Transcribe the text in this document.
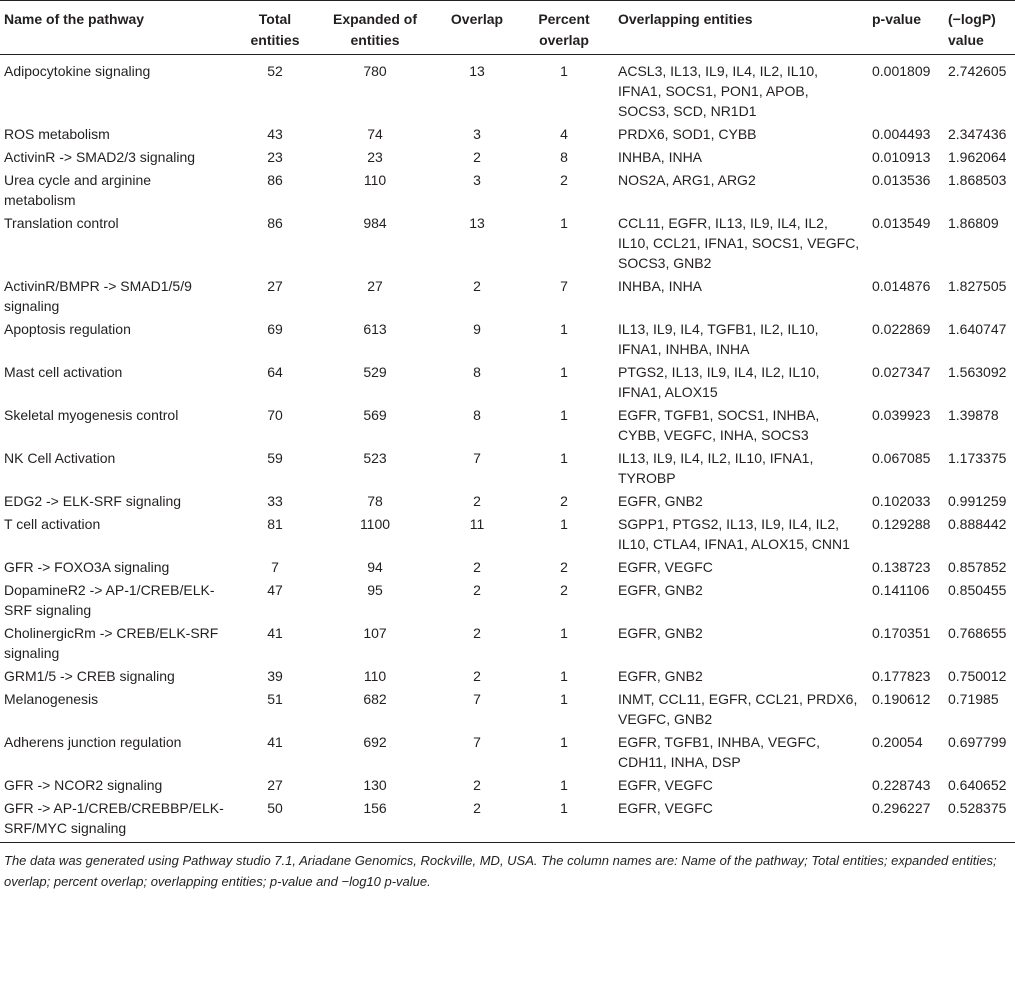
Name of the pathway	Total entities	Expanded of entities	Overlap	Percent overlap	Overlapping entities	p-value	(−logP) value
Adipocytokine signaling	52	780	13	1	ACSL3, IL13, IL9, IL4, IL2, IL10, IFNA1, SOCS1, PON1, APOB, SOCS3, SCD, NR1D1	0.001809	2.742605
ROS metabolism	43	74	3	4	PRDX6, SOD1, CYBB	0.004493	2.347436
ActivinR -> SMAD2/3 signaling	23	23	2	8	INHBA, INHA	0.010913	1.962064
Urea cycle and arginine metabolism	86	110	3	2	NOS2A, ARG1, ARG2	0.013536	1.868503
Translation control	86	984	13	1	CCL11, EGFR, IL13, IL9, IL4, IL2, IL10, CCL21, IFNA1, SOCS1, VEGFC, SOCS3, GNB2	0.013549	1.86809
ActivinR/BMPR -> SMAD1/5/9 signaling	27	27	2	7	INHBA, INHA	0.014876	1.827505
Apoptosis regulation	69	613	9	1	IL13, IL9, IL4, TGFB1, IL2, IL10, IFNA1, INHBA, INHA	0.022869	1.640747
Mast cell activation	64	529	8	1	PTGS2, IL13, IL9, IL4, IL2, IL10, IFNA1, ALOX15	0.027347	1.563092
Skeletal myogenesis control	70	569	8	1	EGFR, TGFB1, SOCS1, INHBA, CYBB, VEGFC, INHA, SOCS3	0.039923	1.39878
NK Cell Activation	59	523	7	1	IL13, IL9, IL4, IL2, IL10, IFNA1, TYROBP	0.067085	1.173375
EDG2 -> ELK-SRF signaling	33	78	2	2	EGFR, GNB2	0.102033	0.991259
T cell activation	81	1100	11	1	SGPP1, PTGS2, IL13, IL9, IL4, IL2, IL10, CTLA4, IFNA1, ALOX15, CNN1	0.129288	0.888442
GFR -> FOXO3A signaling	7	94	2	2	EGFR, VEGFC	0.138723	0.857852
DopamineR2 -> AP-1/CREB/ELK-SRF signaling	47	95	2	2	EGFR, GNB2	0.141106	0.850455
CholinergicRm -> CREB/ELK-SRF signaling	41	107	2	1	EGFR, GNB2	0.170351	0.768655
GRM1/5 -> CREB signaling	39	110	2	1	EGFR, GNB2	0.177823	0.750012
Melanogenesis	51	682	7	1	INMT, CCL11, EGFR, CCL21, PRDX6, VEGFC, GNB2	0.190612	0.71985
Adherens junction regulation	41	692	7	1	EGFR, TGFB1, INHBA, VEGFC, CDH11, INHA, DSP	0.20054	0.697799
GFR -> NCOR2 signaling	27	130	2	1	EGFR, VEGFC	0.228743	0.640652
GFR -> AP-1/CREB/CREBBP/ELK-SRF/MYC signaling	50	156	2	1	EGFR, VEGFC	0.296227	0.528375
The data was generated using Pathway studio 7.1, Ariadane Genomics, Rockville, MD, USA. The column names are: Name of the pathway; Total entities; expanded entities; overlap; percent overlap; overlapping entities; p-value and −log10 p-value.
